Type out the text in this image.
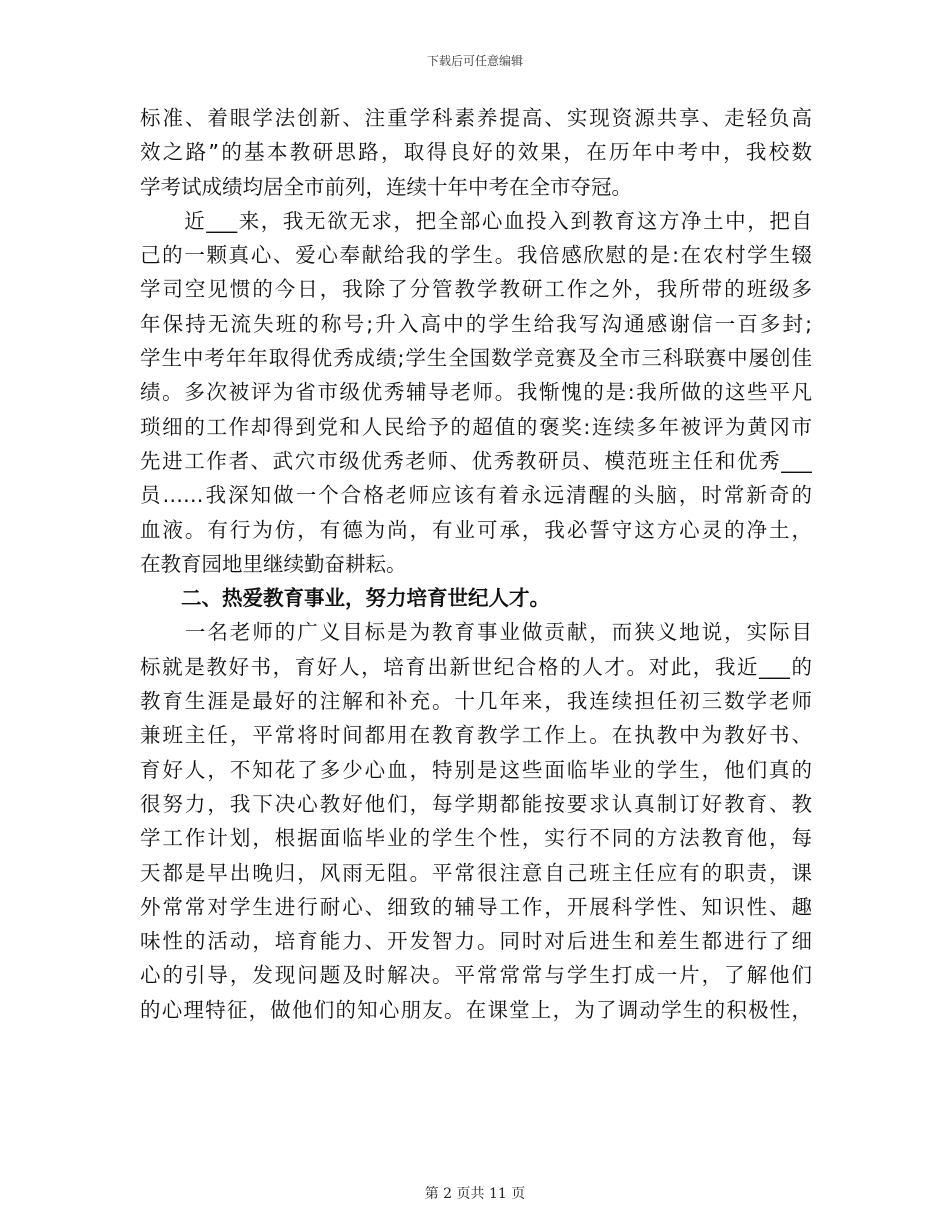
下载后可任意编辑
标准、着眼学法创新、注重学科素养提高、实现资源共享、走轻负高
效之路”的基本教研思路，取得良好的效果，在历年中考中，我校数
学考试成绩均居全市前列，连续十年中考在全市夺冠。
　　近___来，我无欲无求，把全部心血投入到教育这方净土中，把自
己的一颗真心、爱心奉献给我的学生。我倍感欣慰的是:在农村学生辍
学司空见惯的今日，我除了分管教学教研工作之外，我所带的班级多
年保持无流失班的称号;升入高中的学生给我写沟通感谢信一百多封;
学生中考年年取得优秀成绩;学生全国数学竞赛及全市三科联赛中屡创佳
绩。多次被评为省市级优秀辅导老师。我惭愧的是:我所做的这些平凡
琐细的工作却得到党和人民给予的超值的褒奖:连续多年被评为黄冈市
先进工作者、武穴市级优秀老师、优秀教研员、模范班主任和优秀___
员……我深知做一个合格老师应该有着永远清醒的头脑，时常新奇的
血液。有行为仿，有德为尚，有业可承，我必誓守这方心灵的净土，
在教育园地里继续勤奋耕耘。
　　二、热爱教育事业，努力培育世纪人才。
　　一名老师的广义目标是为教育事业做贡献，而狭义地说，实际目
标就是教好书，育好人，培育出新世纪合格的人才。对此，我近___的
教育生涯是最好的注解和补充。十几年来，我连续担任初三数学老师
兼班主任，平常将时间都用在教育教学工作上。在执教中为教好书、
育好人，不知花了多少心血，特别是这些面临毕业的学生，他们真的
很努力，我下决心教好他们，每学期都能按要求认真制订好教育、教
学工作计划，根据面临毕业的学生个性，实行不同的方法教育他，每
天都是早出晚归，风雨无阻。平常很注意自己班主任应有的职责，课
外常常对学生进行耐心、细致的辅导工作，开展科学性、知识性、趣
味性的活动，培育能力、开发智力。同时对后进生和差生都进行了细
心的引导，发现问题及时解决。平常常常与学生打成一片，了解他们
的心理特征，做他们的知心朋友。在课堂上，为了调动学生的积极性，
第 2 页共 11 页
